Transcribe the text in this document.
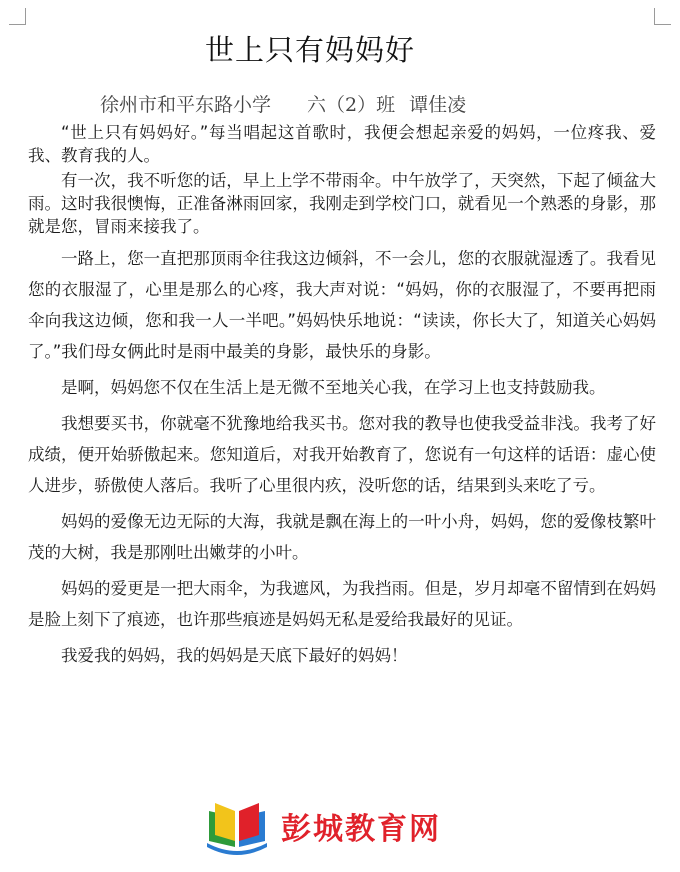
世上只有妈妈好
徐州市和平东路小学 六（2）班 谭佳凌

“世上只有妈妈好。”每当唱起这首歌时，我便会想起亲爱的妈妈，一位疼我、爱我、教育我的人。

有一次，我不听您的话，早上上学不带雨伞。中午放学了，天突然，下起了倾盆大雨。这时我很懊悔，正准备淋雨回家，我刚走到学校门口，就看见一个熟悉的身影，那就是您，冒雨来接我了。

一路上，您一直把那顶雨伞往我这边倾斜，不一会儿，您的衣服就湿透了。我看见您的衣服湿了，心里是那么的心疼，我大声对说：“妈妈，你的衣服湿了，不要再把雨伞向我这边倾，您和我一人一半吧。”妈妈快乐地说：“读读，你长大了，知道关心妈妈了。”我们母女俩此时是雨中最美的身影，最快乐的身影。

是啊，妈妈您不仅在生活上是无微不至地关心我，在学习上也支持鼓励我。

我想要买书，你就毫不犹豫地给我买书。您对我的教导也使我受益非浅。我考了好成绩，便开始骄傲起来。您知道后，对我开始教育了，您说有一句这样的话语：虚心使人进步，骄傲使人落后。我听了心里很内疚，没听您的话，结果到头来吃了亏。

妈妈的爱像无边无际的大海，我就是飘在海上的一叶小舟，妈妈，您的爱像枝繁叶茂的大树，我是那刚吐出嫩芽的小叶。

妈妈的爱更是一把大雨伞，为我遮风，为我挡雨。但是，岁月却毫不留情到在妈妈是脸上刻下了痕迹，也许那些痕迹是妈妈无私是爱给我最好的见证。

我爱我的妈妈，我的妈妈是天底下最好的妈妈！

彭城教育网
